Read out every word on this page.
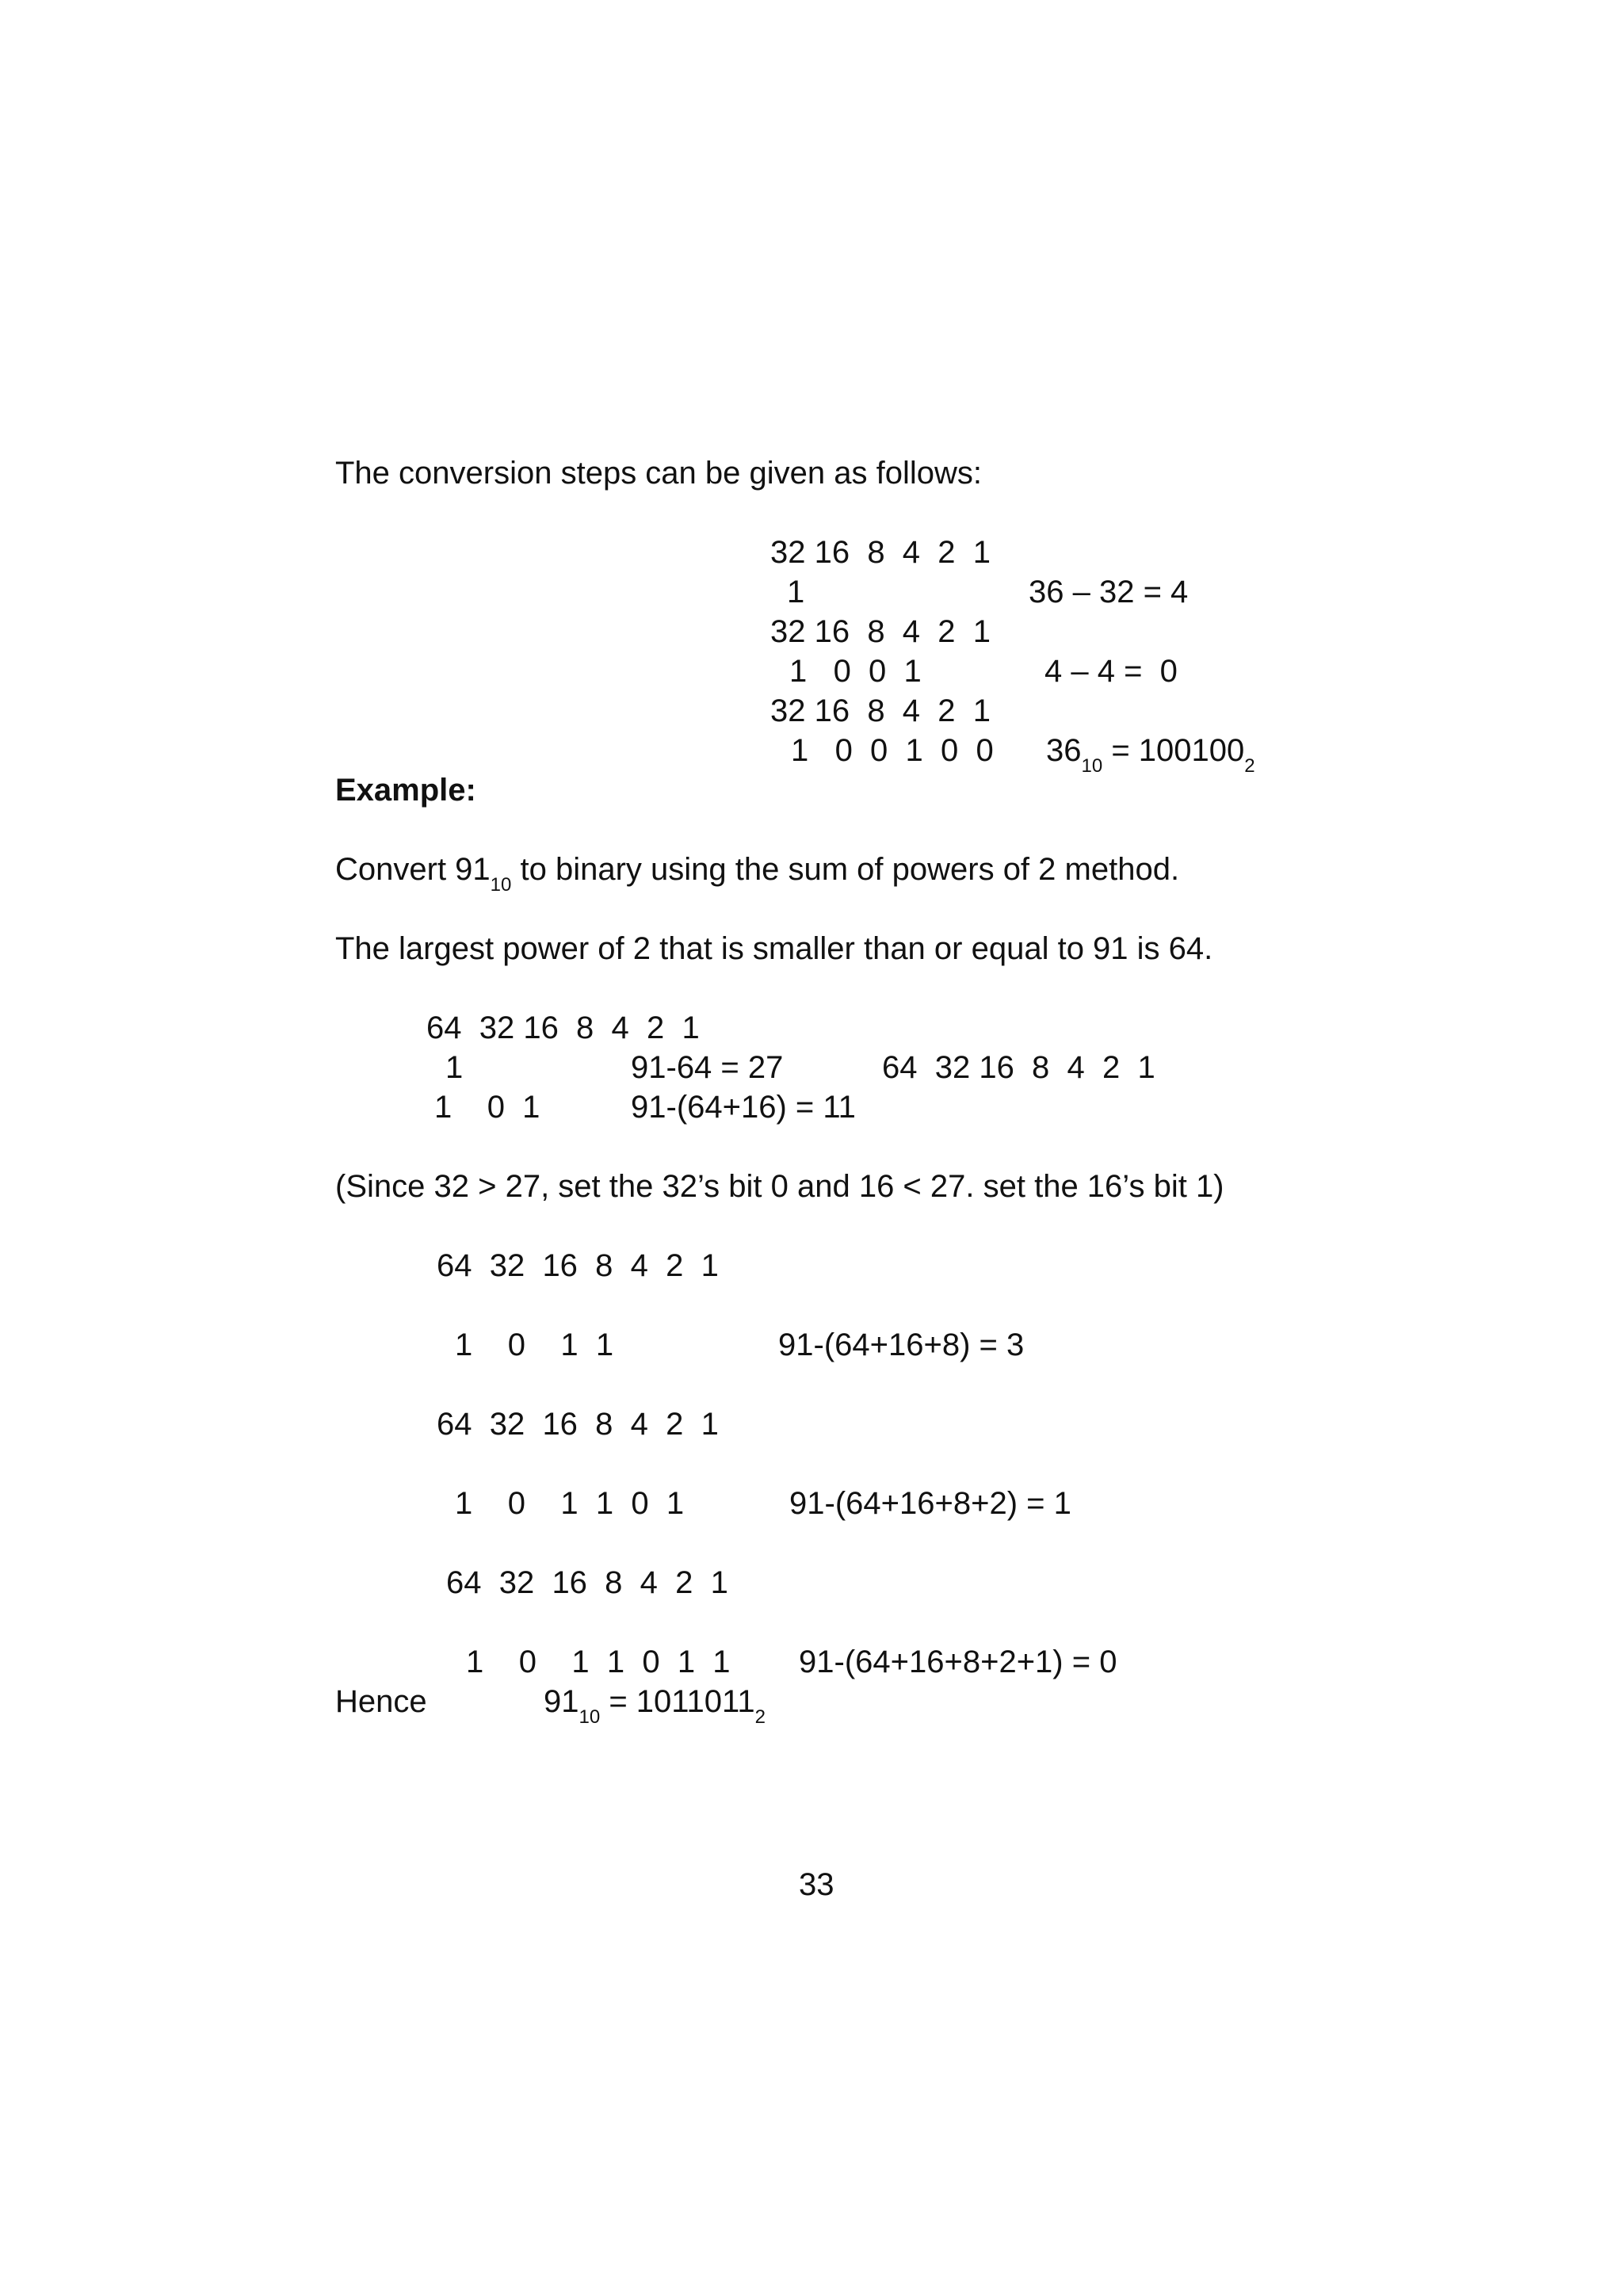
The conversion steps can be given as follows:
32 16  8  4  2  1
1	36 – 32 = 4
32 16  8  4  2  1
1   0  0  1	4 – 4 =  0
32 16  8  4  2  1
1   0  0  1  0  0 $36_{10} = 100100_2$
Example:
Convert $91_{10}$ to binary using the sum of powers of 2 method.
The largest power of 2 that is smaller than or equal to 91 is 64.
64  32 16  8  4  2  1
1	91-64 = 27	64  32 16  8  4  2  1
1    0  1	91-(64+16) = 11
(Since 32 > 27, set the 32’s bit 0 and 16 < 27. set the 16’s bit 1)
64  32  16  8  4  2  1
1    0    1  1	91-(64+16+8) = 3
64  32  16  8  4  2  1
1    0    1  1  0  1	91-(64+16+8+2) = 1
64  32  16  8  4  2  1
1    0    1  1  0  1  1 91-(64+16+8+2+1) = 0
Hence	$91_{10} = 1011011_2$
33
